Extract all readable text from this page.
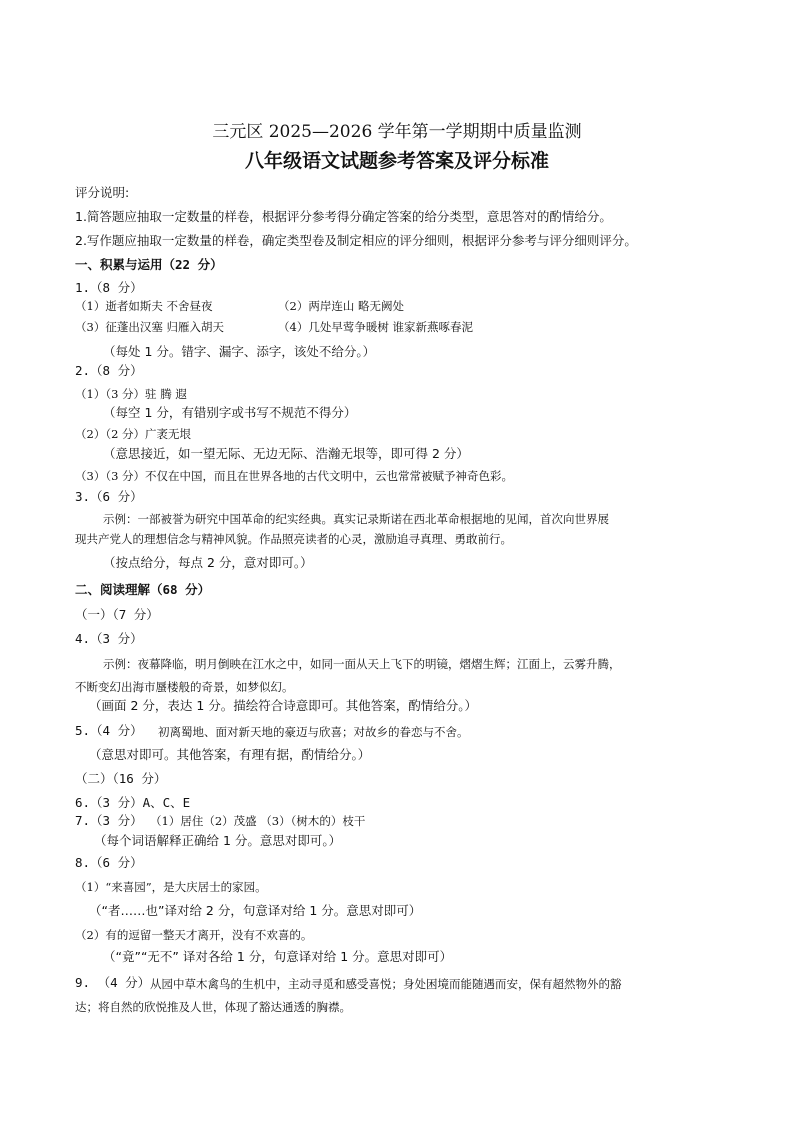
三元区 2025—2026 学年第一学期期中质量监测
八年级语文试题参考答案及评分标准
评分说明:
1.简答题应抽取一定数量的样卷，根据评分参考得分确定答案的给分类型，意思答对的酌情给分。
2.写作题应抽取一定数量的样卷，确定类型卷及制定相应的评分细则，根据评分参考与评分细则评分。
一、积累与运用（22 分）
1.（8 分）
（1）逝者如斯夫 不舍昼夜	（2）两岸连山 略无阙处
（3）征蓬出汉塞 归雁入胡天	（4）几处早莺争暖树 谁家新燕啄春泥
（每处 1 分。错字、漏字、添字，该处不给分。）
2.（8 分）
（1）（3 分）驻 腾 遐
（每空 1 分，有错别字或书写不规范不得分）
（2）（2 分）广袤无垠
（意思接近，如一望无际、无边无际、浩瀚无垠等，即可得 2 分）
（3）（3 分）不仅在中国，而且在世界各地的古代文明中，云也常常被赋予神奇色彩。
3.（6 分）
示例：一部被誉为研究中国革命的纪实经典。真实记录斯诺在西北革命根据地的见闻，首次向世界展
现共产党人的理想信念与精神风貌。作品照亮读者的心灵，激励追寻真理、勇敢前行。
（按点给分，每点 2 分，意对即可。）
二、阅读理解（68 分）
（一）（7 分）
4.（3 分）
示例：夜幕降临，明月倒映在江水之中，如同一面从天上飞下的明镜，熠熠生辉；江面上，云雾升腾，
不断变幻出海市蜃楼般的奇景，如梦似幻。
（画面 2 分，表达 1 分。描绘符合诗意即可。其他答案，酌情给分。）
5.（4 分） 初离蜀地、面对新天地的豪迈与欣喜；对故乡的眷恋与不舍。
（意思对即可。其他答案，有理有据，酌情给分。）
（二）（16 分）
6.（3 分）A、C、E
7.（3 分） （1）居住（2）茂盛 （3）（树木的）枝干
（每个词语解释正确给 1 分。意思对即可。）
8.（6 分）
（1）“来喜园”，是大庆居士的家园。
（“者……也”译对给 2 分，句意译对给 1 分。意思对即可）
（2）有的逗留一整天才离开，没有不欢喜的。
（“竟”“无不” 译对各给 1 分，句意译对给 1 分。意思对即可）
9. （4 分） 从园中草木禽鸟的生机中，主动寻觅和感受喜悦；身处困境而能随遇而安，保有超然物外的豁
达；将自然的欣悦推及人世，体现了豁达通透的胸襟。
